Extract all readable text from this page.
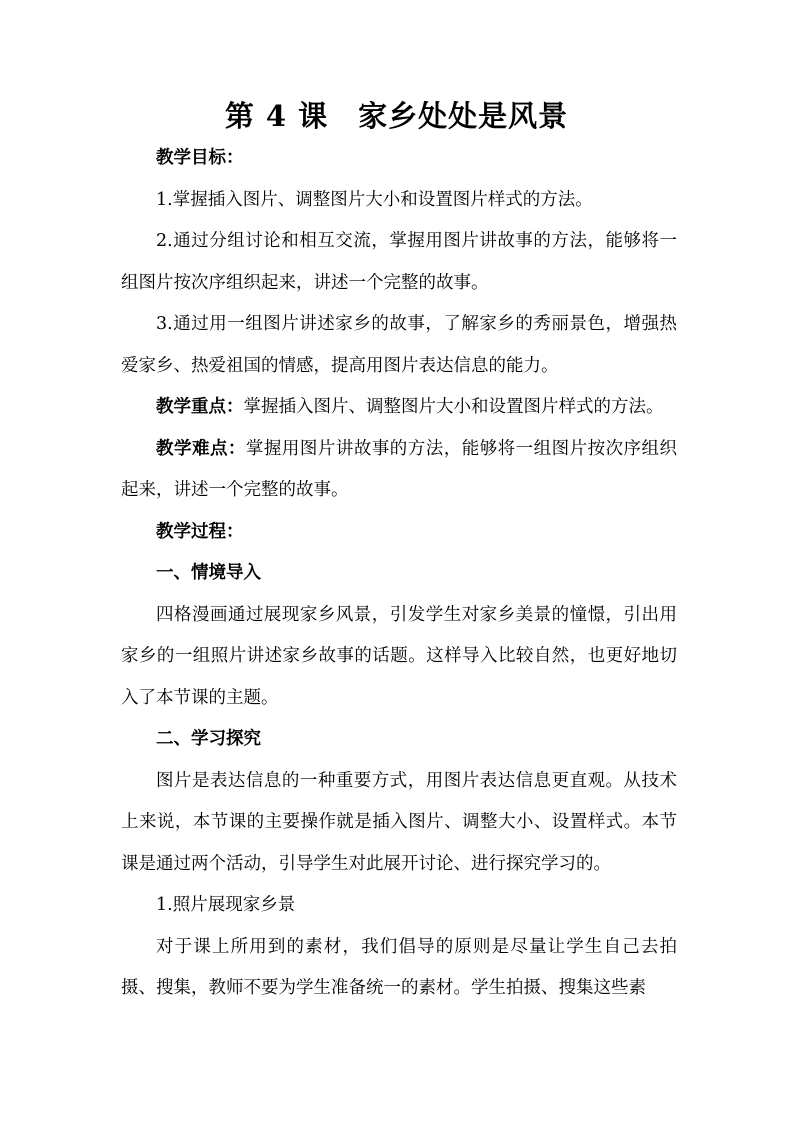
第 4 课　家乡处处是风景

教学目标：

1.掌握插入图片、调整图片大小和设置图片样式的方法。

2.通过分组讨论和相互交流，掌握用图片讲故事的方法，能够将一组图片按次序组织起来，讲述一个完整的故事。

3.通过用一组图片讲述家乡的故事，了解家乡的秀丽景色，增强热爱家乡、热爱祖国的情感，提高用图片表达信息的能力。

教学重点：掌握插入图片、调整图片大小和设置图片样式的方法。

教学难点：掌握用图片讲故事的方法，能够将一组图片按次序组织起来，讲述一个完整的故事。

教学过程：

一、情境导入

四格漫画通过展现家乡风景，引发学生对家乡美景的憧憬，引出用家乡的一组照片讲述家乡故事的话题。这样导入比较自然，也更好地切入了本节课的主题。

二、学习探究

图片是表达信息的一种重要方式，用图片表达信息更直观。从技术上来说，本节课的主要操作就是插入图片、调整大小、设置样式。本节课是通过两个活动，引导学生对此展开讨论、进行探究学习的。

1.照片展现家乡景

对于课上所用到的素材，我们倡导的原则是尽量让学生自己去拍摄、搜集，教师不要为学生准备统一的素材。学生拍摄、搜集这些素
